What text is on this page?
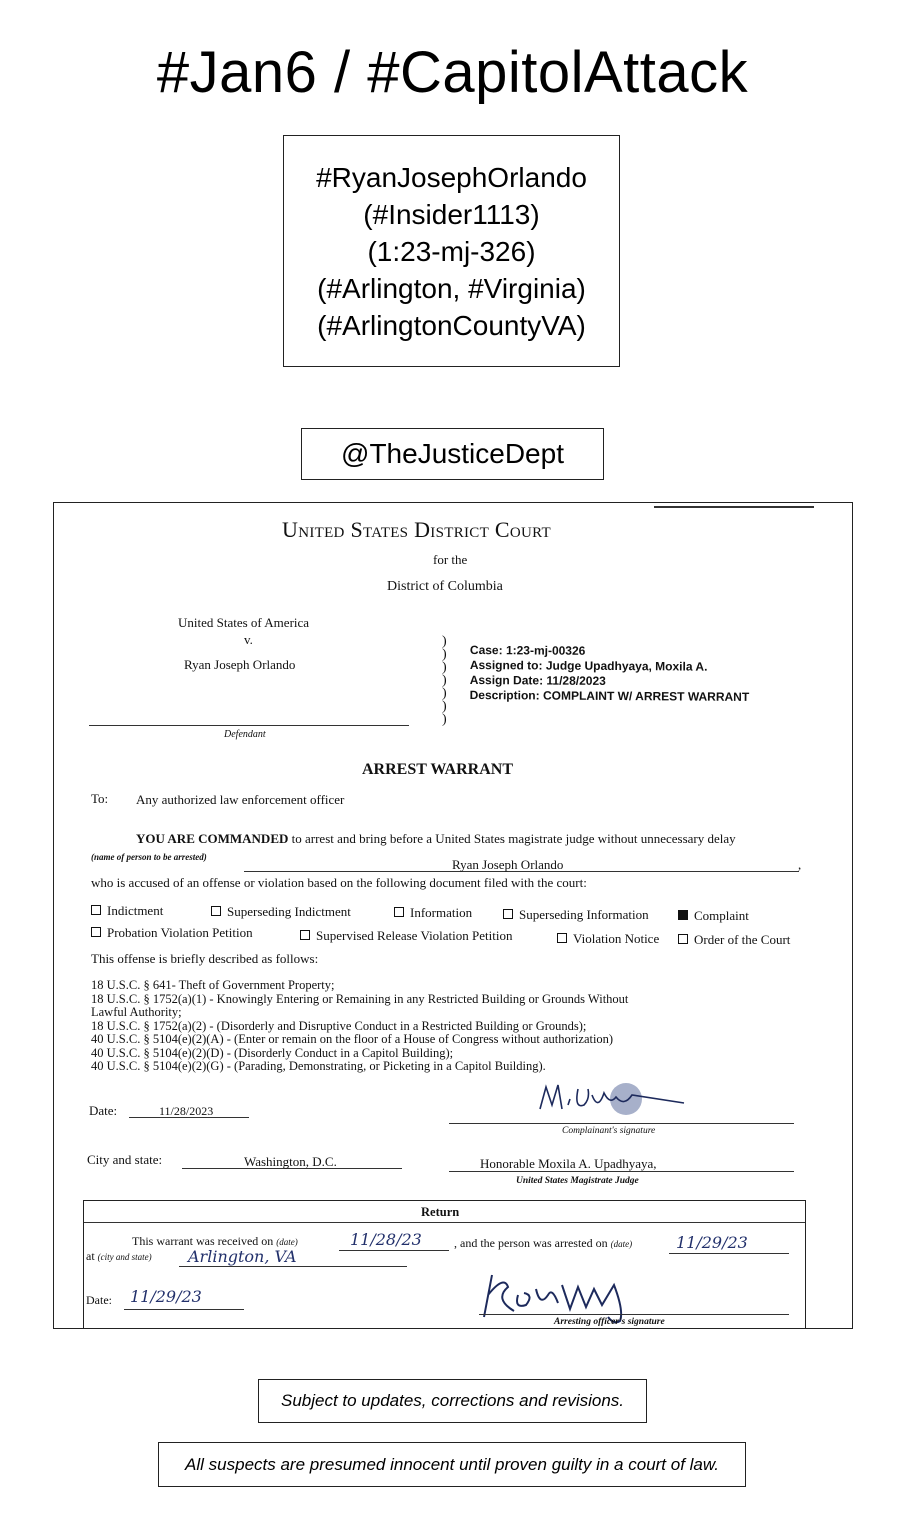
#Jan6 / #CapitolAttack
#RyanJosephOrlando
(#Insider1113)
(1:23-mj-326)
(#Arlington, #Virginia)
(#ArlingtonCountyVA)
@TheJusticeDept
United States District Court
for the
District of Columbia
United States of America
v.
Ryan Joseph Orlando
Defendant
)
)
)
)
)
)
)
Case: 1:23-mj-00326
Assigned to: Judge Upadhyaya, Moxila A.
Assign Date: 11/28/2023
Description: COMPLAINT W/ ARREST WARRANT
ARREST WARRANT
To: Any authorized law enforcement officer
YOU ARE COMMANDED to arrest and bring before a United States magistrate judge without unnecessary delay
(name of person to be arrested)	Ryan Joseph Orlando	,
who is accused of an offense or violation based on the following document filed with the court:
Indictment	Superseding Indictment	Information	Superseding Information	Complaint
Probation Violation Petition	Supervised Release Violation Petition	Violation Notice	Order of the Court
This offense is briefly described as follows:
18 U.S.C. § 641- Theft of Government Property;
18 U.S.C. § 1752(a)(1) - Knowingly Entering or Remaining in any Restricted Building or Grounds Without
Lawful Authority;
18 U.S.C. § 1752(a)(2) - (Disorderly and Disruptive Conduct in a Restricted Building or Grounds);
40 U.S.C. § 5104(e)(2)(A) - (Enter or remain on the floor of a House of Congress without authorization)
40 U.S.C. § 5104(e)(2)(D) - (Disorderly Conduct in a Capitol Building);
40 U.S.C. § 5104(e)(2)(G) - (Parading, Demonstrating, or Picketing in a Capitol Building).
Date:	11/28/2023
Complainant's signature
City and state:	Washington, D.C.	Honorable Moxila A. Upadhyaya,
United States Magistrate Judge
Return
This warrant was received on (date)	11/28/23	, and the person was arrested on (date)	11/29/23
at (city and state) Arlington, VA
Date: 11/29/23
Arresting officer's signature
Subject to updates, corrections and revisions.
All suspects are presumed innocent until proven guilty in a court of law.
